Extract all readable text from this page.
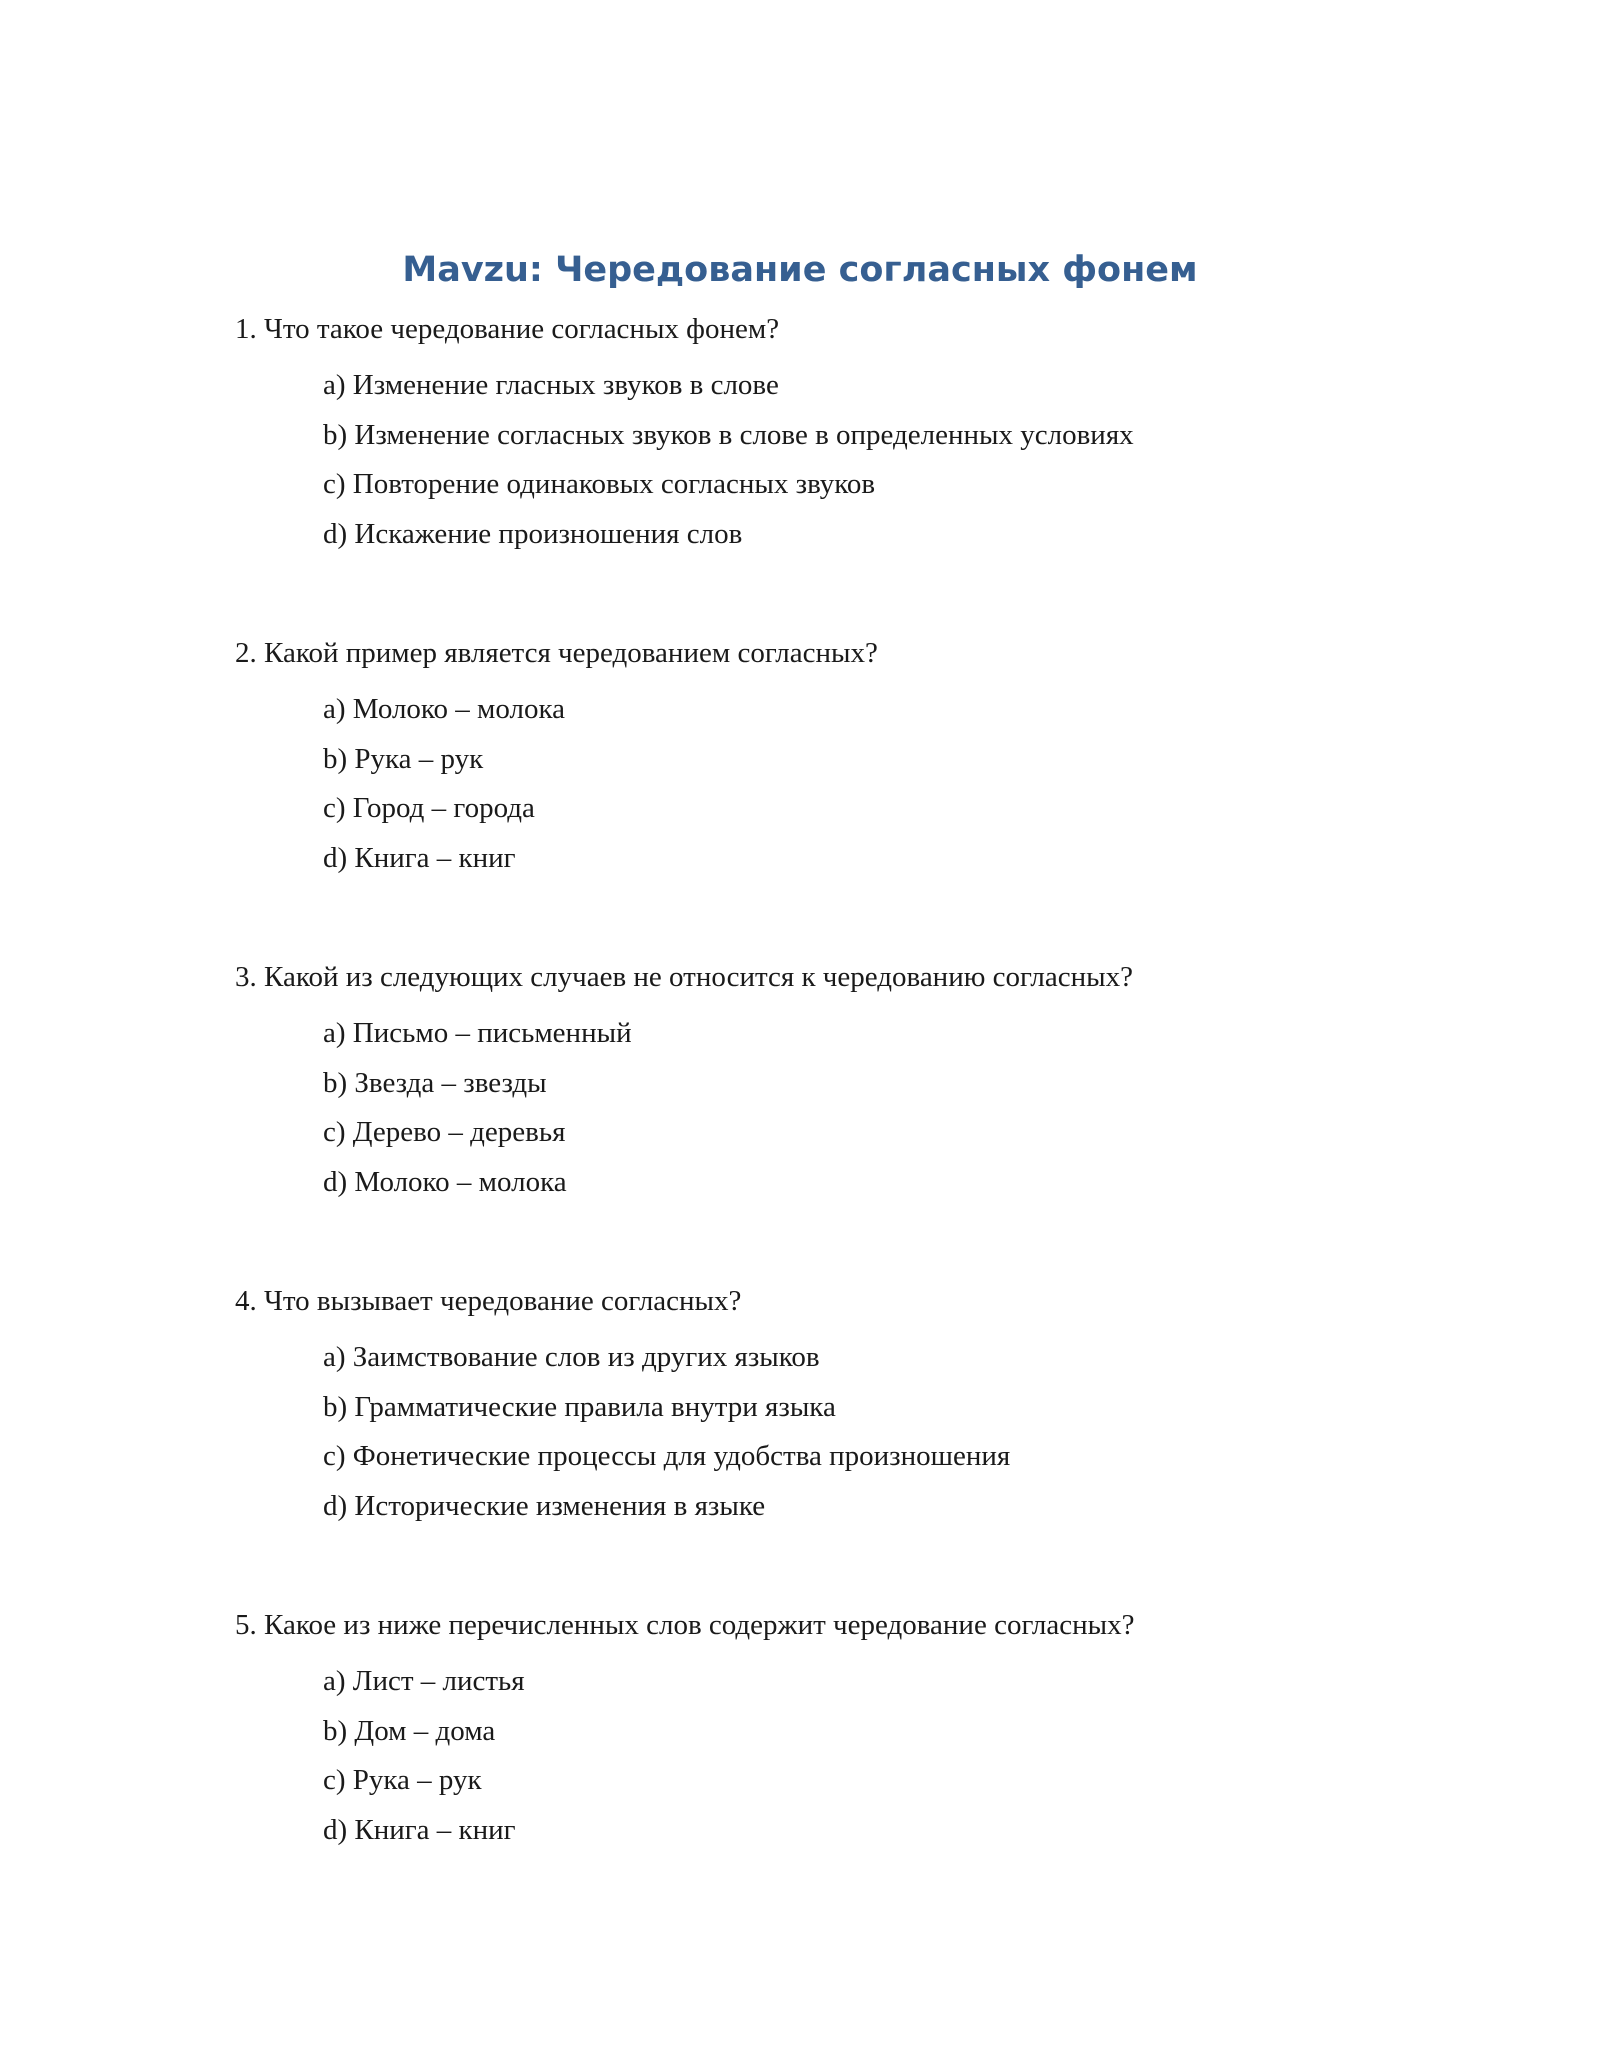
Mavzu: Чередование согласных фонем

1. Что такое чередование согласных фонем?

a) Изменение гласных звуков в слове
b) Изменение согласных звуков в слове в определенных условиях
c) Повторение одинаковых согласных звуков
d) Искажение произношения слов

2. Какой пример является чередованием согласных?

a) Молоко – молока
b) Рука – рук
c) Город – города
d) Книга – книг

3. Какой из следующих случаев не относится к чередованию согласных?

a) Письмо – письменный
b) Звезда – звезды
c) Дерево – деревья
d) Молоко – молока

4. Что вызывает чередование согласных?

a) Заимствование слов из других языков
b) Грамматические правила внутри языка
c) Фонетические процессы для удобства произношения
d) Исторические изменения в языке

5. Какое из ниже перечисленных слов содержит чередование согласных?

a) Лист – листья
b) Дом – дома
c) Рука – рук
d) Книга – книг
